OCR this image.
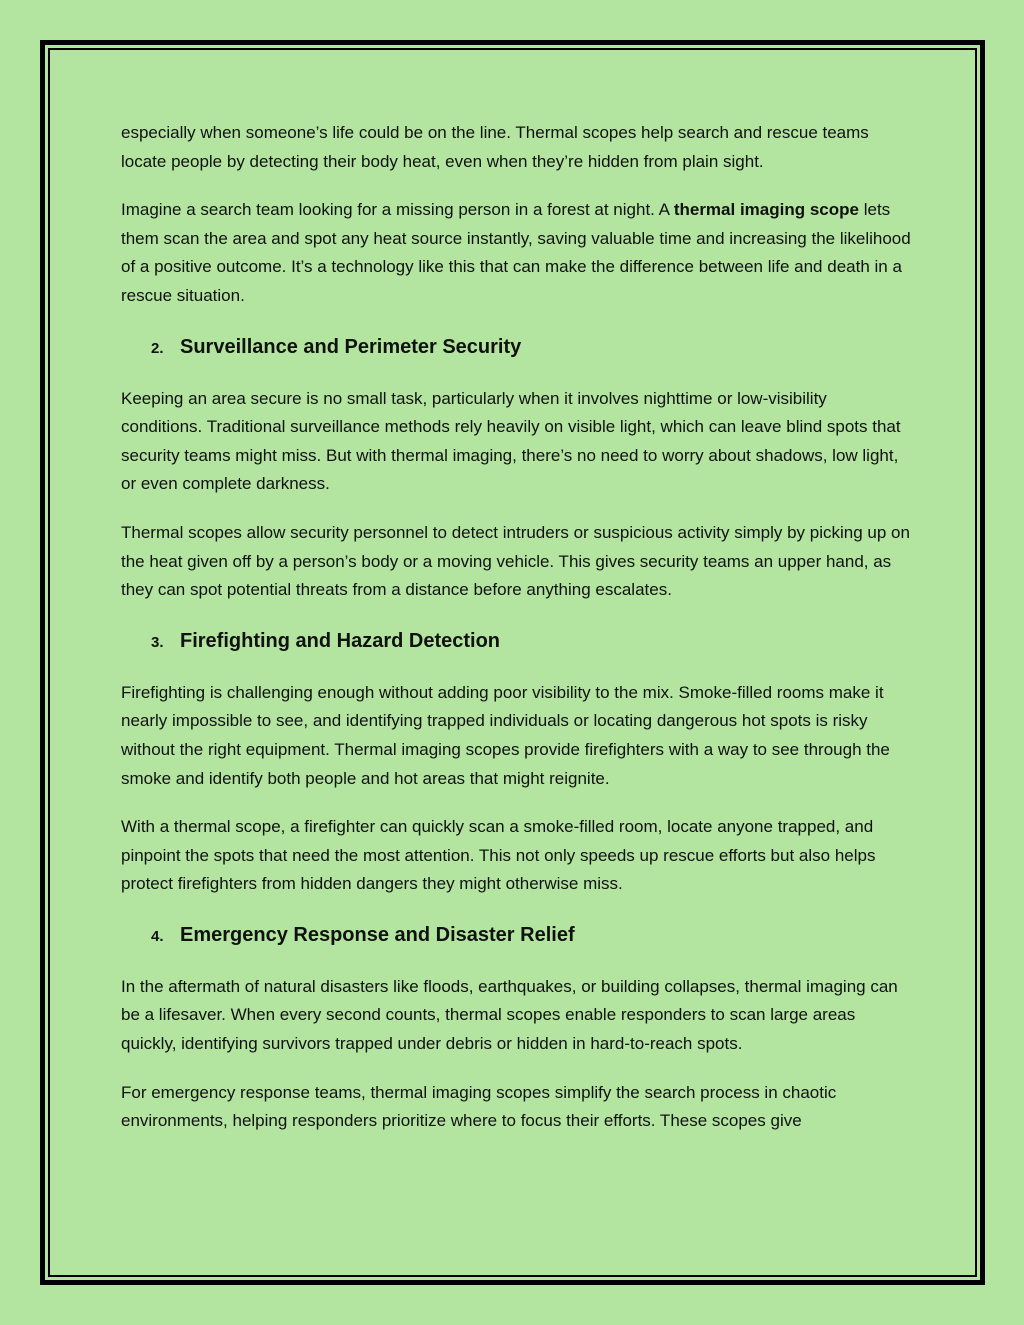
especially when someone’s life could be on the line. Thermal scopes help search and rescue teams locate people by detecting their body heat, even when they’re hidden from plain sight.

Imagine a search team looking for a missing person in a forest at night. A thermal imaging scope lets them scan the area and spot any heat source instantly, saving valuable time and increasing the likelihood of a positive outcome. It’s a technology like this that can make the difference between life and death in a rescue situation.

2. Surveillance and Perimeter Security

Keeping an area secure is no small task, particularly when it involves nighttime or low-visibility conditions. Traditional surveillance methods rely heavily on visible light, which can leave blind spots that security teams might miss. But with thermal imaging, there’s no need to worry about shadows, low light, or even complete darkness.

Thermal scopes allow security personnel to detect intruders or suspicious activity simply by picking up on the heat given off by a person’s body or a moving vehicle. This gives security teams an upper hand, as they can spot potential threats from a distance before anything escalates.

3. Firefighting and Hazard Detection

Firefighting is challenging enough without adding poor visibility to the mix. Smoke-filled rooms make it nearly impossible to see, and identifying trapped individuals or locating dangerous hot spots is risky without the right equipment. Thermal imaging scopes provide firefighters with a way to see through the smoke and identify both people and hot areas that might reignite.

With a thermal scope, a firefighter can quickly scan a smoke-filled room, locate anyone trapped, and pinpoint the spots that need the most attention. This not only speeds up rescue efforts but also helps protect firefighters from hidden dangers they might otherwise miss.

4. Emergency Response and Disaster Relief

In the aftermath of natural disasters like floods, earthquakes, or building collapses, thermal imaging can be a lifesaver. When every second counts, thermal scopes enable responders to scan large areas quickly, identifying survivors trapped under debris or hidden in hard-to-reach spots.

For emergency response teams, thermal imaging scopes simplify the search process in chaotic environments, helping responders prioritize where to focus their efforts. These scopes give
